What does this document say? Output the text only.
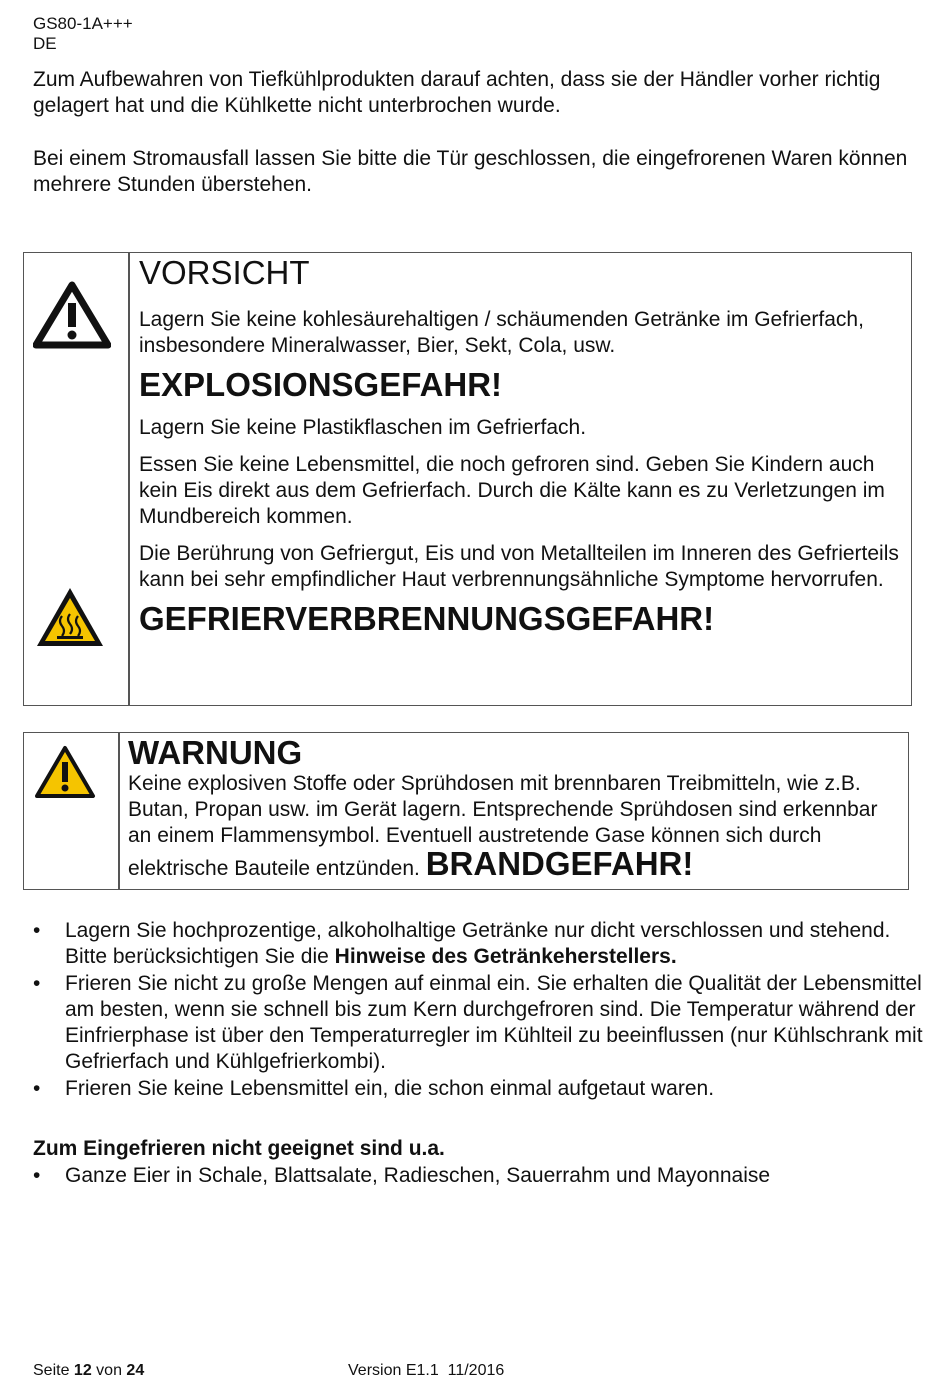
GS80-1A+++
DE
Zum Aufbewahren von Tiefkühlprodukten darauf achten, dass sie der Händler vorher richtig gelagert hat und die Kühlkette nicht unterbrochen wurde.
Bei einem Stromausfall lassen Sie bitte die Tür geschlossen, die eingefrorenen Waren können mehrere Stunden überstehen.
VORSICHT
Lagern Sie keine kohlesäurehaltigen / schäumenden Getränke im Gefrierfach, insbesondere Mineralwasser, Bier, Sekt, Cola, usw.
EXPLOSIONSGEFAHR!
Lagern Sie keine Plastikflaschen im Gefrierfach.
Essen Sie keine Lebensmittel, die noch gefroren sind. Geben Sie Kindern auch kein Eis direkt aus dem Gefrierfach. Durch die Kälte kann es zu Verletzungen im Mundbereich kommen.
Die Berührung von Gefriergut, Eis und von Metallteilen im Inneren des Gefrierteils kann bei sehr empfindlicher Haut verbrennungsähnliche Symptome hervorrufen.
GEFRIERVERBRENNUNGSGEFAHR!
WARNUNG
Keine explosiven Stoffe oder Sprühdosen mit brennbaren Treibmitteln, wie z.B. Butan, Propan usw. im Gerät lagern. Entsprechende Sprühdosen sind erkennbar an einem Flammensymbol. Eventuell austretende Gase können sich durch elektrische Bauteile entzünden. BRANDGEFAHR!
• Lagern Sie hochprozentige, alkoholhaltige Getränke nur dicht verschlossen und stehend. Bitte berücksichtigen Sie die Hinweise des Getränkeherstellers.
• Frieren Sie nicht zu große Mengen auf einmal ein. Sie erhalten die Qualität der Lebensmittel am besten, wenn sie schnell bis zum Kern durchgefroren sind. Die Temperatur während der Einfrierphase ist über den Temperaturregler im Kühlteil zu beeinflussen (nur Kühlschrank mit Gefrierfach und Kühlgefrierkombi).
• Frieren Sie keine Lebensmittel ein, die schon einmal aufgetaut waren.
Zum Eingefrieren nicht geeignet sind u.a.
• Ganze Eier in Schale, Blattsalate, Radieschen, Sauerrahm und Mayonnaise
Seite 12 von 24	Version E1.1  11/2016
